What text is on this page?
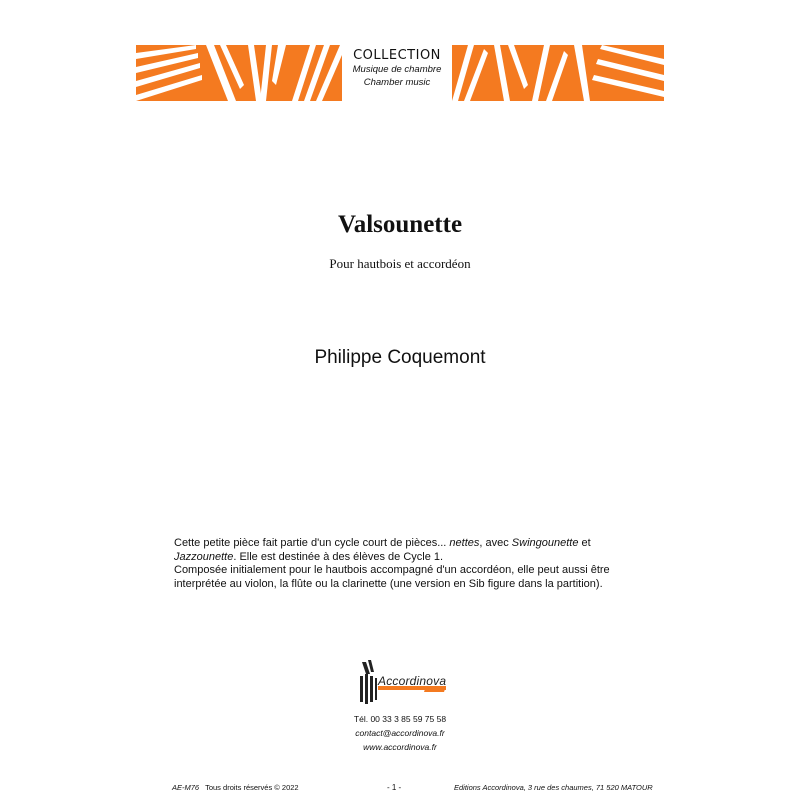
COLLECTION
Musique de chambre
Chamber music
Valsounette
Pour hautbois et accordéon
Philippe Coquemont
Cette petite pièce fait partie d'un cycle court de pièces... nettes, avec Swingounette et Jazzounette. Elle est destinée à des élèves de Cycle 1.
Composée initialement pour le hautbois accompagné d'un accordéon, elle peut aussi être interprétée au violon, la flûte ou la clarinette (une version en Sib figure dans la partition).
Accordinova
Tél. 00 33 3 85 59 75 58
contact@accordinova.fr
www.accordinova.fr
AE-M76 Tous droits réservés © 2022	- 1 -	Editions Accordinova, 3 rue des chaumes, 71 520 MATOUR
